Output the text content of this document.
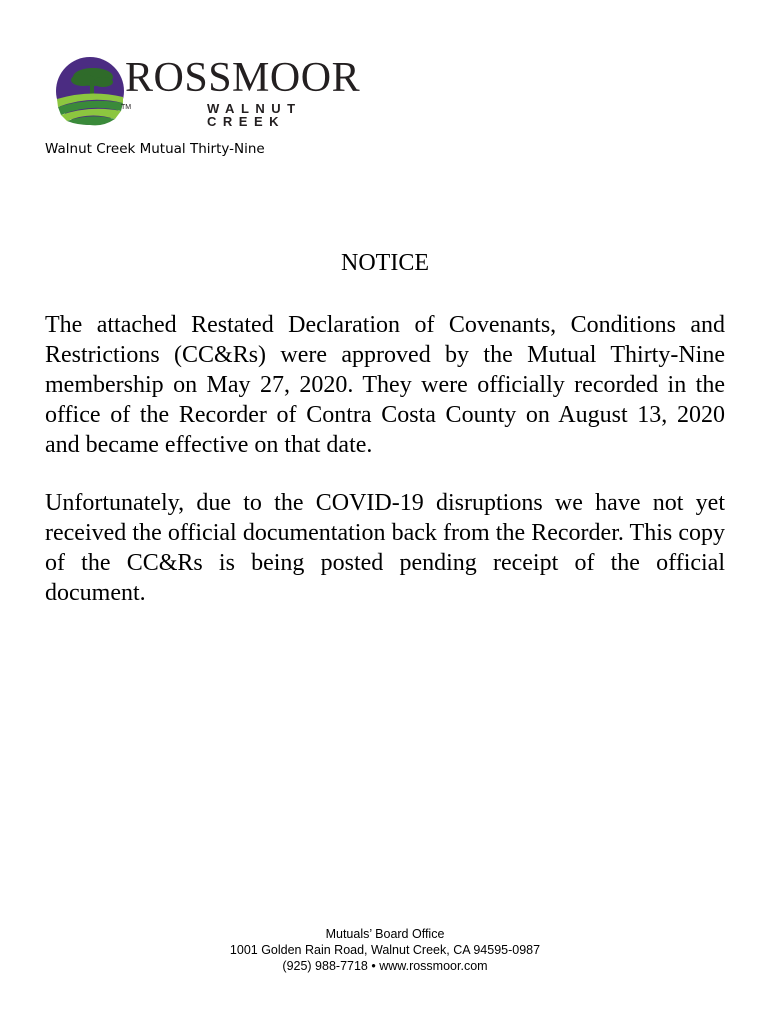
ROSSMOOR
TM	WALNUT CREEK
Walnut Creek Mutual Thirty-Nine
NOTICE

The attached Restated Declaration of Covenants, Conditions and Restrictions (CC&Rs) were approved by the Mutual Thirty-Nine membership on May 27, 2020. They were officially recorded in the office of the Recorder of Contra Costa County on August 13, 2020 and became effective on that date.

Unfortunately, due to the COVID-19 disruptions we have not yet received the official documentation back from the Recorder. This copy of the CC&Rs is being posted pending receipt of the official document.

Mutuals’ Board Office
1001 Golden Rain Road, Walnut Creek, CA 94595-0987
(925) 988-7718 • www.rossmoor.com
